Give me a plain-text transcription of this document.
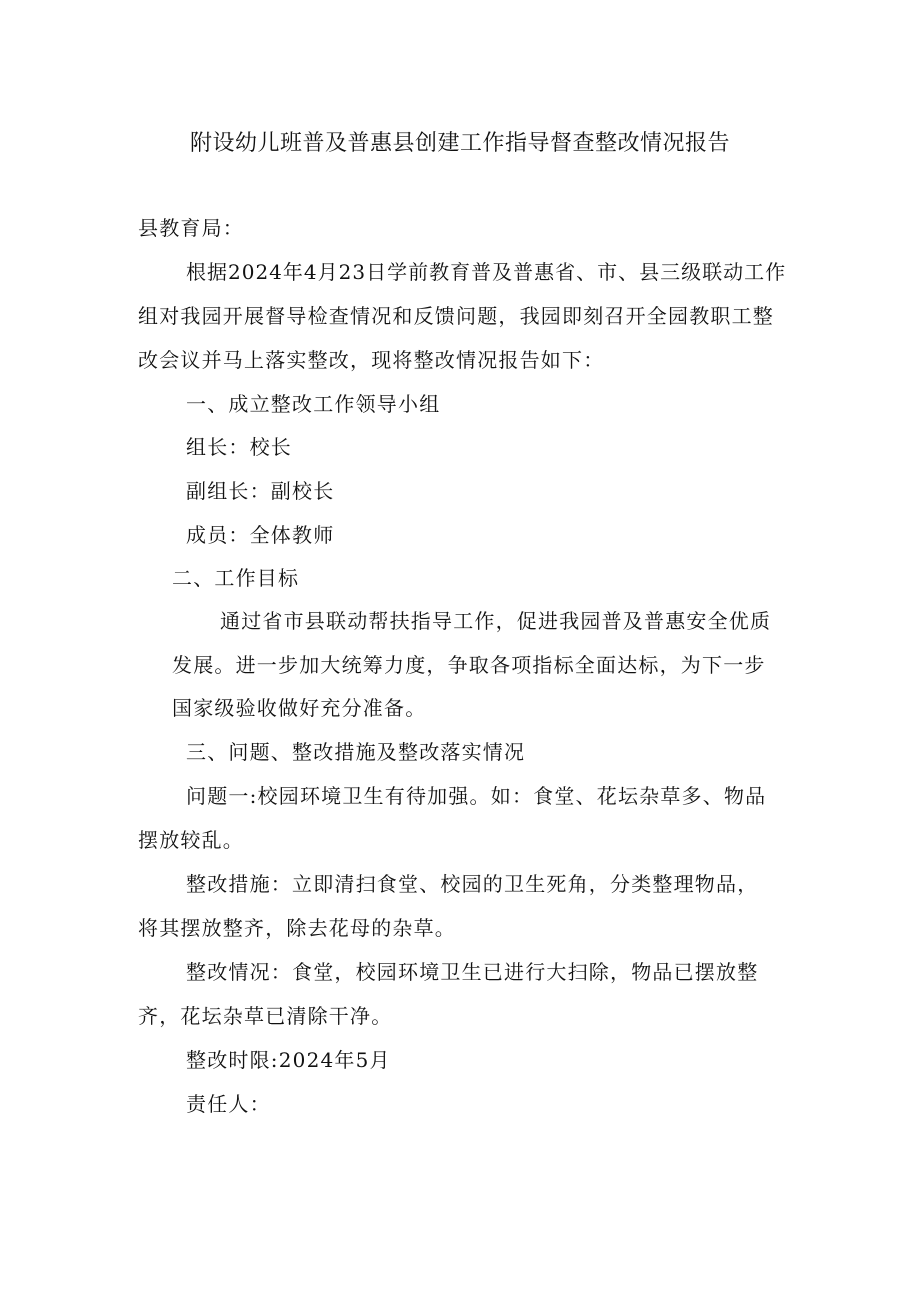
附设幼儿班普及普惠县创建工作指导督查整改情况报告
县教育局：
根据2024年4月23日学前教育普及普惠省、市、县三级联动工作
组对我园开展督导检查情况和反馈问题，我园即刻召开全园教职工整
改会议并马上落实整改，现将整改情况报告如下：
一、成立整改工作领导小组
组长：校长
副组长：副校长
成员：全体教师
二、工作目标
通过省市县联动帮扶指导工作，促进我园普及普惠安全优质
发展。进一步加大统筹力度，争取各项指标全面达标，为下一步
国家级验收做好充分准备。
三、问题、整改措施及整改落实情况
问题一:校园环境卫生有待加强。如：食堂、花坛杂草多、物品
摆放较乱。
整改措施：立即清扫食堂、校园的卫生死角，分类整理物品，
将其摆放整齐，除去花母的杂草。
整改情况：食堂，校园环境卫生已进行大扫除，物品已摆放整
齐，花坛杂草已清除干净。
整改时限:2024年5月
责任人：
